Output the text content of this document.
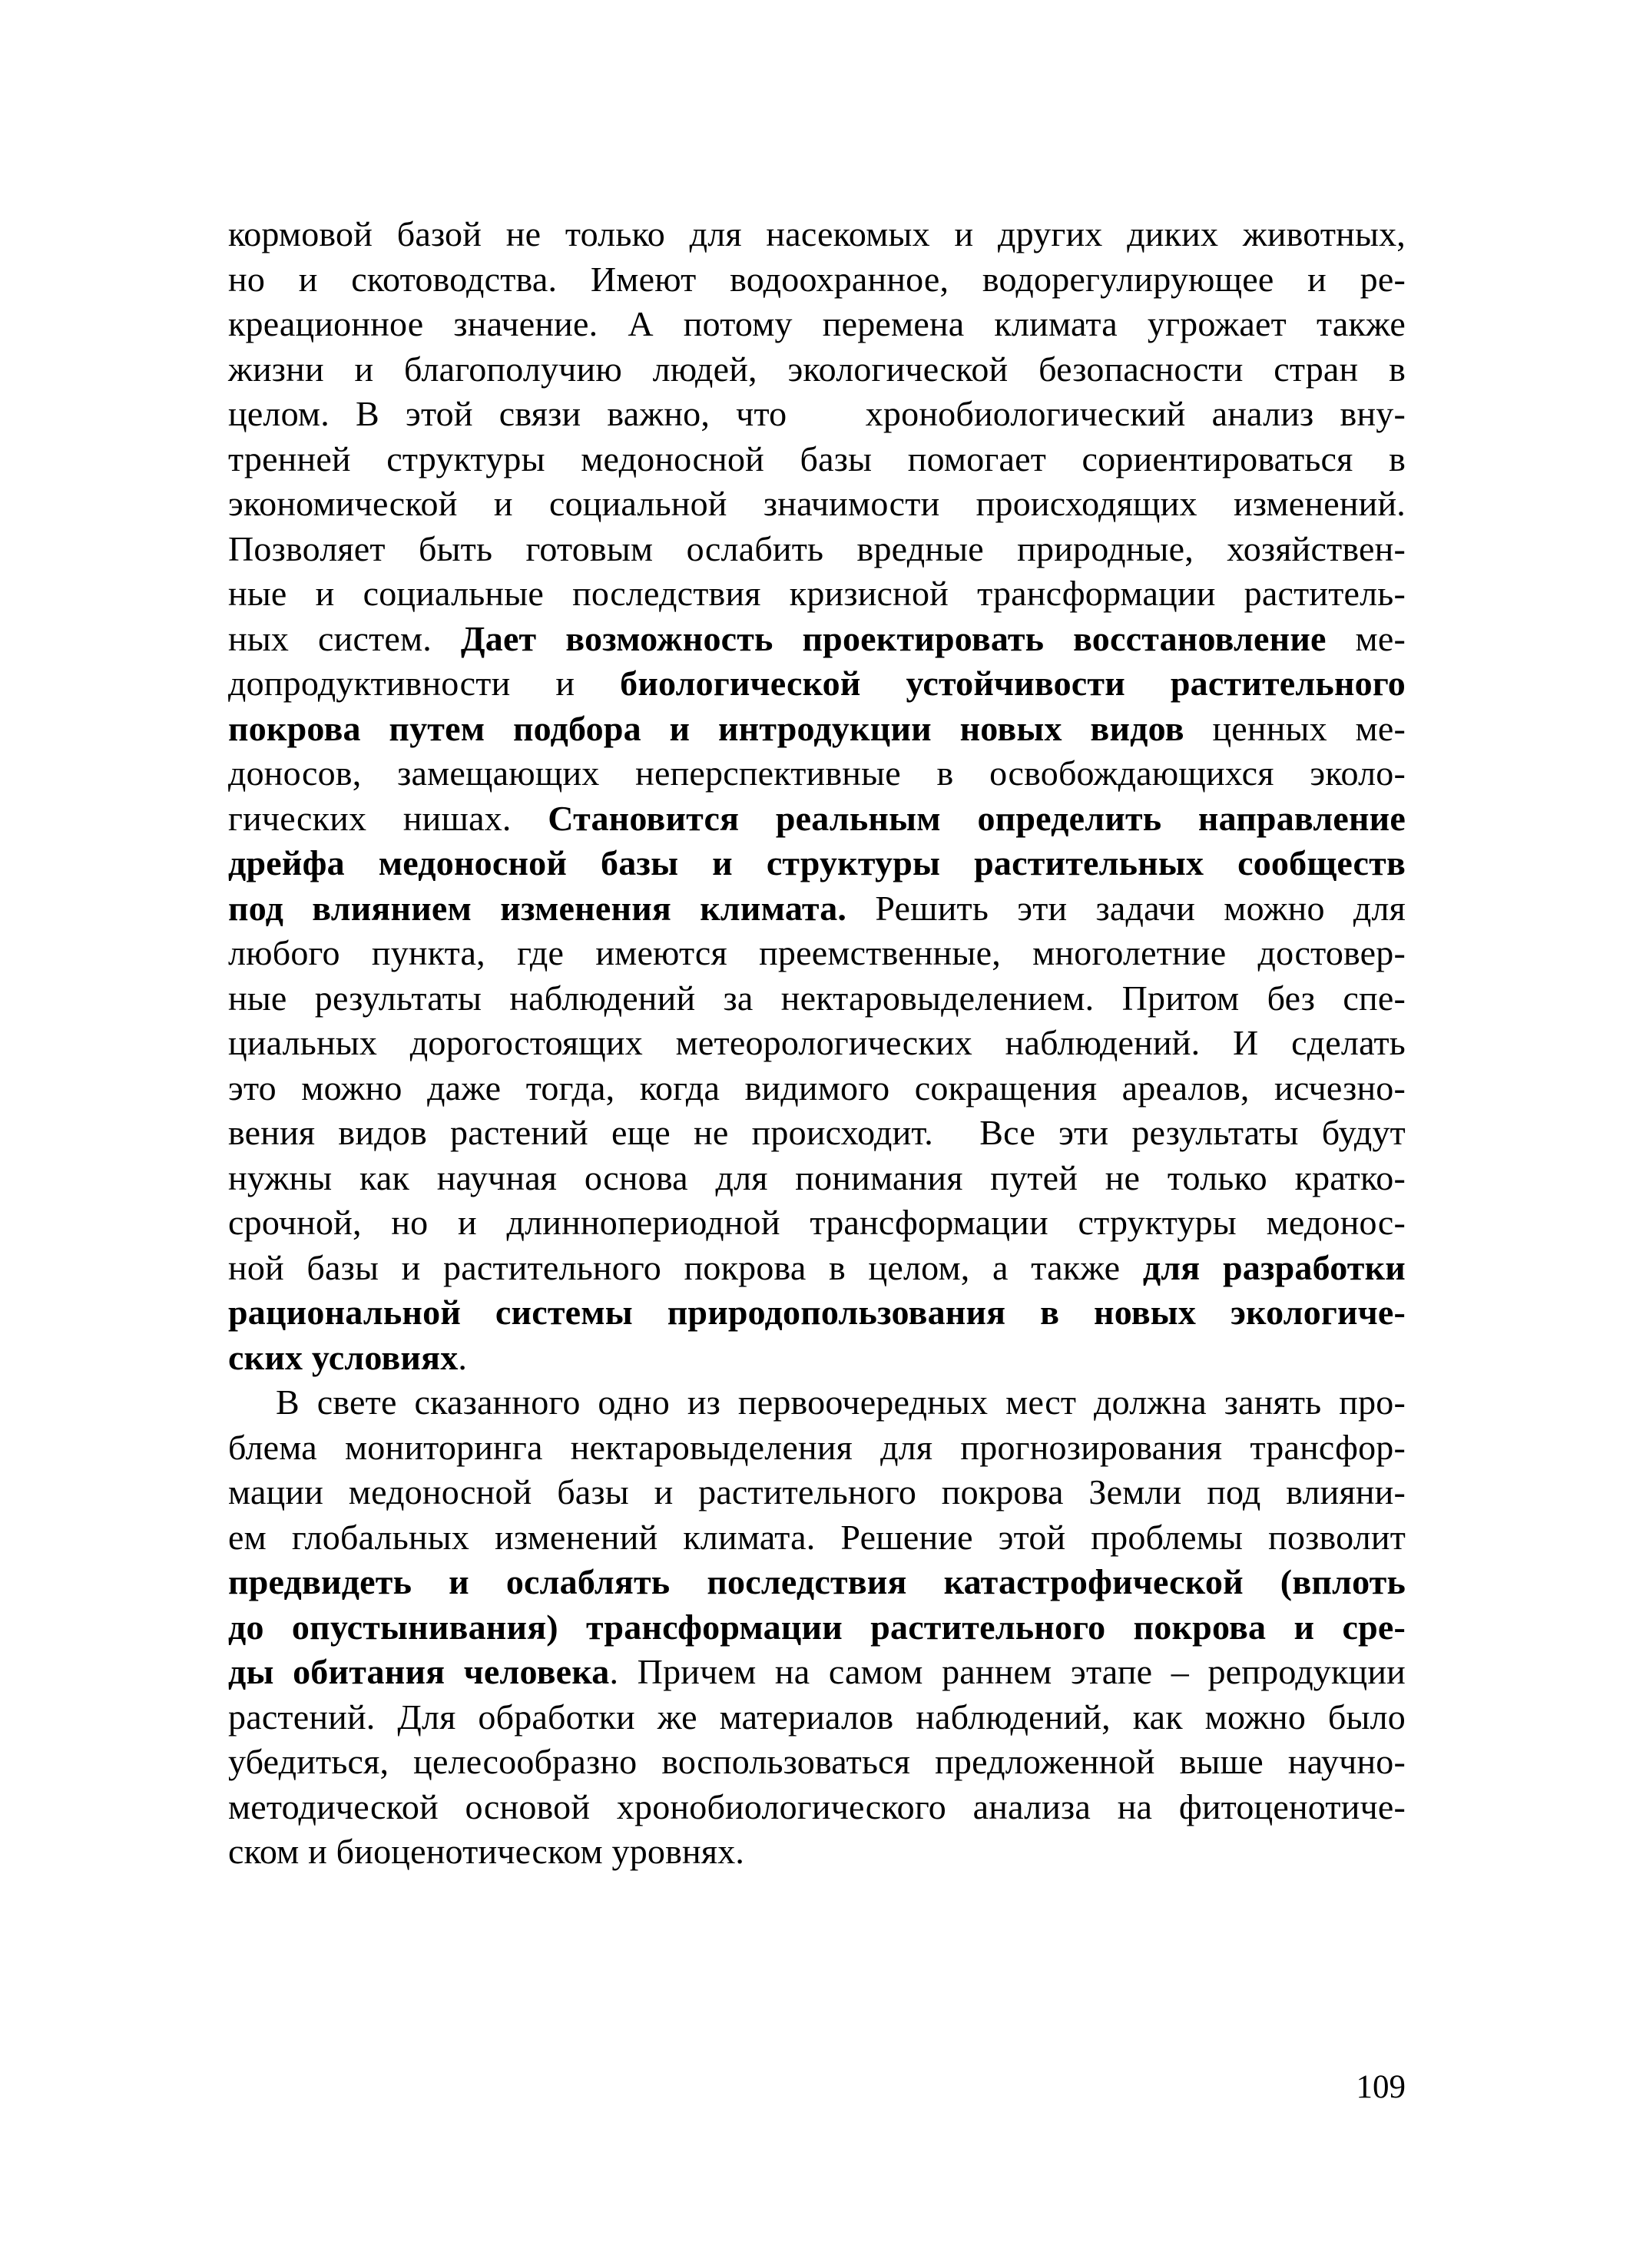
кормовой базой не только для насекомых и других диких животных,
но и скотоводства. Имеют водоохранное, водорегулирующее и ре-
креационное значение. А потому перемена климата угрожает также
жизни и благополучию людей, экологической безопасности стран в
целом. В этой связи важно, что   хронобиологический анализ вну-
тренней структуры медоносной базы помогает сориентироваться в
экономической и социальной значимости происходящих изменений.
Позволяет быть готовым ослабить вредные природные, хозяйствен-
ные и социальные последствия кризисной трансформации раститель-
ных систем. Дает возможность проектировать восстановление ме-
допродуктивности и биологической устойчивости растительного
покрова путем подбора и интродукции новых видов ценных ме-
доносов, замещающих неперспективные в освобождающихся эколо-
гических нишах. Становится реальным определить направление
дрейфа медоносной базы и структуры растительных сообществ
под влиянием изменения климата. Решить эти задачи можно для
любого пункта, где имеются преемственные, многолетние достовер-
ные результаты наблюдений за нектаровыделением. Притом без спе-
циальных дорогостоящих метеорологических наблюдений. И сделать
это можно даже тогда, когда видимого сокращения ареалов, исчезно-
вения видов растений еще не происходит.  Все эти результаты будут
нужны как научная основа для понимания путей не только кратко-
срочной, но и длиннопериодной трансформации структуры медонос-
ной базы и растительного покрова в целом, а также для разработки
рациональной системы природопользования в новых экологиче-
ских условиях.
В свете сказанного одно из первоочередных мест должна занять про-
блема мониторинга нектаровыделения для прогнозирования трансфор-
мации медоносной базы и растительного покрова Земли под влияни-
ем глобальных изменений климата. Решение этой проблемы позволит
предвидеть и ослаблять последствия катастрофической (вплоть
до опустынивания) трансформации растительного покрова и сре-
ды обитания человека. Причем на самом раннем этапе – репродукции
растений. Для обработки же материалов наблюдений, как можно было
убедиться, целесообразно воспользоваться предложенной выше научно-
методической основой хронобиологического анализа на фитоценотиче-
ском и биоценотическом уровнях.
109
